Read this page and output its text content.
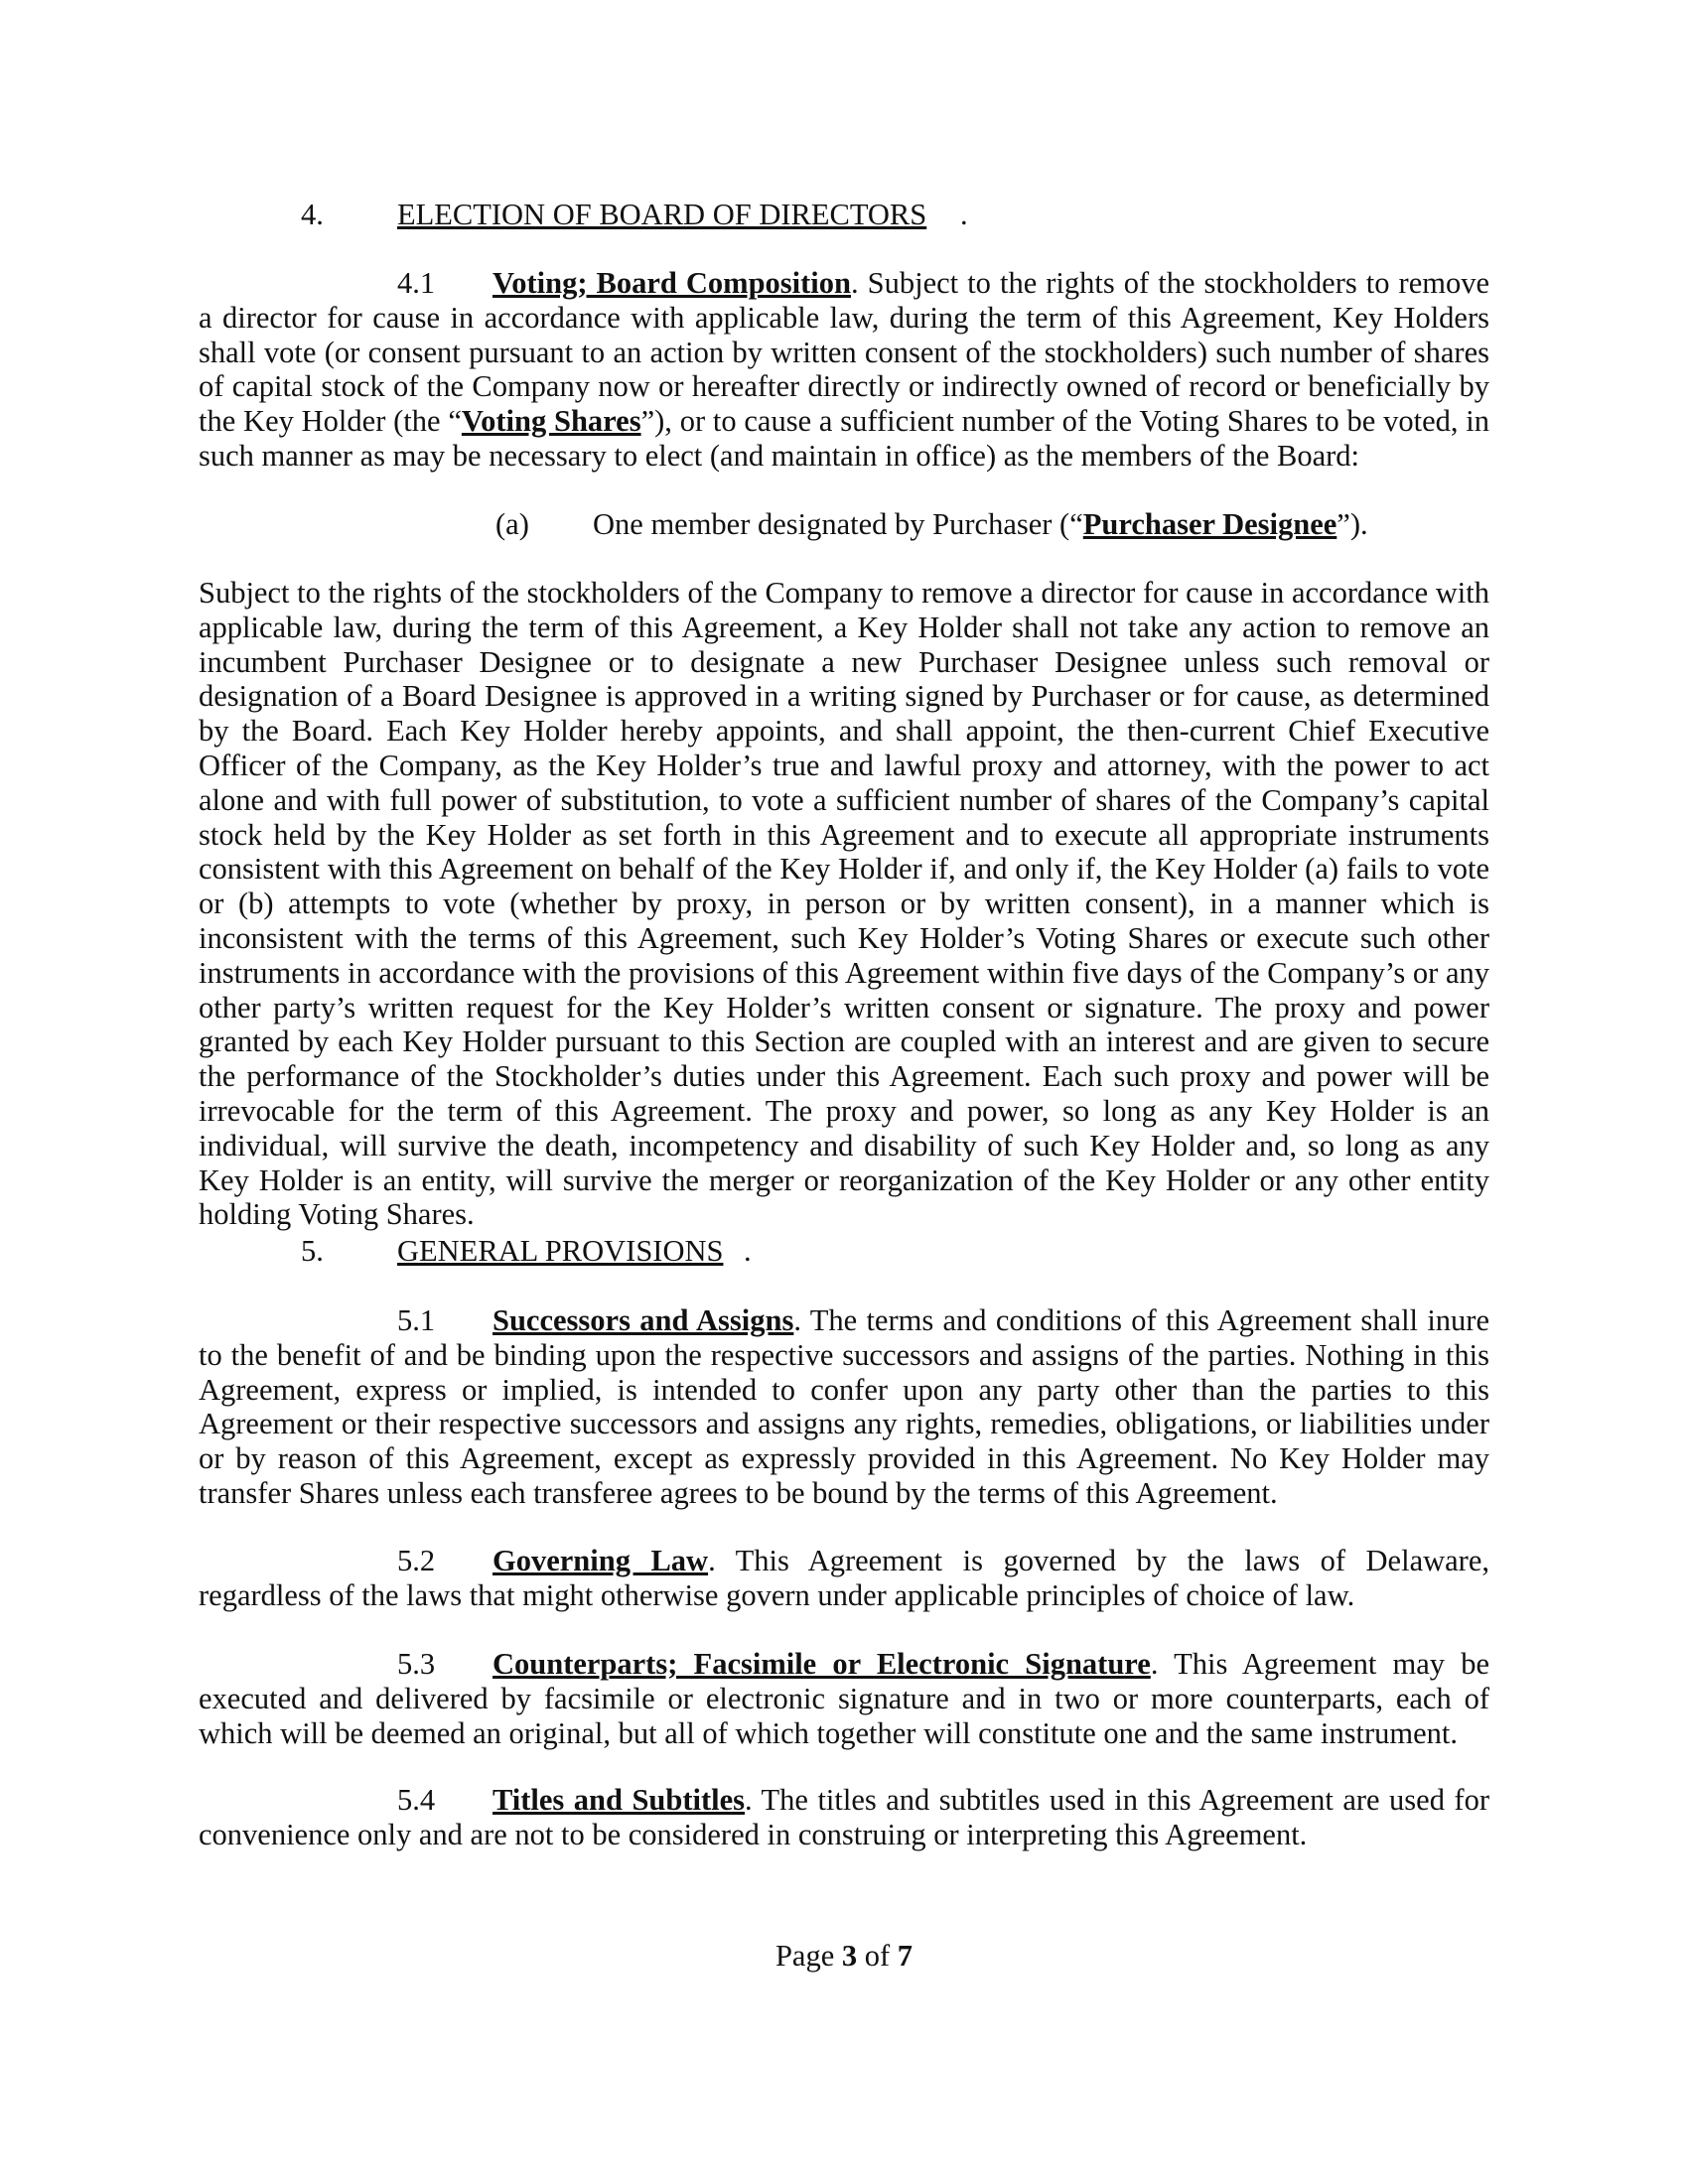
4. ELECTION OF BOARD OF DIRECTORS .

4.1 Voting; Board Composition. Subject to the rights of the stockholders to remove a director for cause in accordance with applicable law, during the term of this Agreement, Key Holders shall vote (or consent pursuant to an action by written consent of the stockholders) such number of shares of capital stock of the Company now or hereafter directly or indirectly owned of record or beneficially by the Key Holder (the “Voting Shares”), or to cause a sufficient number of the Voting Shares to be voted, in such manner as may be necessary to elect (and maintain in office) as the members of the Board:

(a) One member designated by Purchaser (“Purchaser Designee”).

Subject to the rights of the stockholders of the Company to remove a director for cause in accordance with applicable law, during the term of this Agreement, a Key Holder shall not take any action to remove an incumbent Purchaser Designee or to designate a new Purchaser Designee unless such removal or designation of a Board Designee is approved in a writing signed by Purchaser or for cause, as determined by the Board. Each Key Holder hereby appoints, and shall appoint, the then-current Chief Executive Officer of the Company, as the Key Holder’s true and lawful proxy and attorney, with the power to act alone and with full power of substitution, to vote a sufficient number of shares of the Company’s capital stock held by the Key Holder as set forth in this Agreement and to execute all appropriate instruments consistent with this Agreement on behalf of the Key Holder if, and only if, the Key Holder (a) fails to vote or (b) attempts to vote (whether by proxy, in person or by written consent), in a manner which is inconsistent with the terms of this Agreement, such Key Holder’s Voting Shares or execute such other instruments in accordance with the provisions of this Agreement within five days of the Company’s or any other party’s written request for the Key Holder’s written consent or signature. The proxy and power granted by each Key Holder pursuant to this Section are coupled with an interest and are given to secure the performance of the Stockholder’s duties under this Agreement. Each such proxy and power will be irrevocable for the term of this Agreement. The proxy and power, so long as any Key Holder is an individual, will survive the death, incompetency and disability of such Key Holder and, so long as any Key Holder is an entity, will survive the merger or reorganization of the Key Holder or any other entity holding Voting Shares.

5. GENERAL PROVISIONS .

5.1 Successors and Assigns. The terms and conditions of this Agreement shall inure to the benefit of and be binding upon the respective successors and assigns of the parties. Nothing in this Agreement, express or implied, is intended to confer upon any party other than the parties to this Agreement or their respective successors and assigns any rights, remedies, obligations, or liabilities under or by reason of this Agreement, except as expressly provided in this Agreement. No Key Holder may transfer Shares unless each transferee agrees to be bound by the terms of this Agreement.

5.2 Governing Law. This Agreement is governed by the laws of Delaware, regardless of the laws that might otherwise govern under applicable principles of choice of law.

5.3 Counterparts; Facsimile or Electronic Signature. This Agreement may be executed and delivered by facsimile or electronic signature and in two or more counterparts, each of which will be deemed an original, but all of which together will constitute one and the same instrument.

5.4 Titles and Subtitles. The titles and subtitles used in this Agreement are used for convenience only and are not to be considered in construing or interpreting this Agreement.

Page 3 of 7
